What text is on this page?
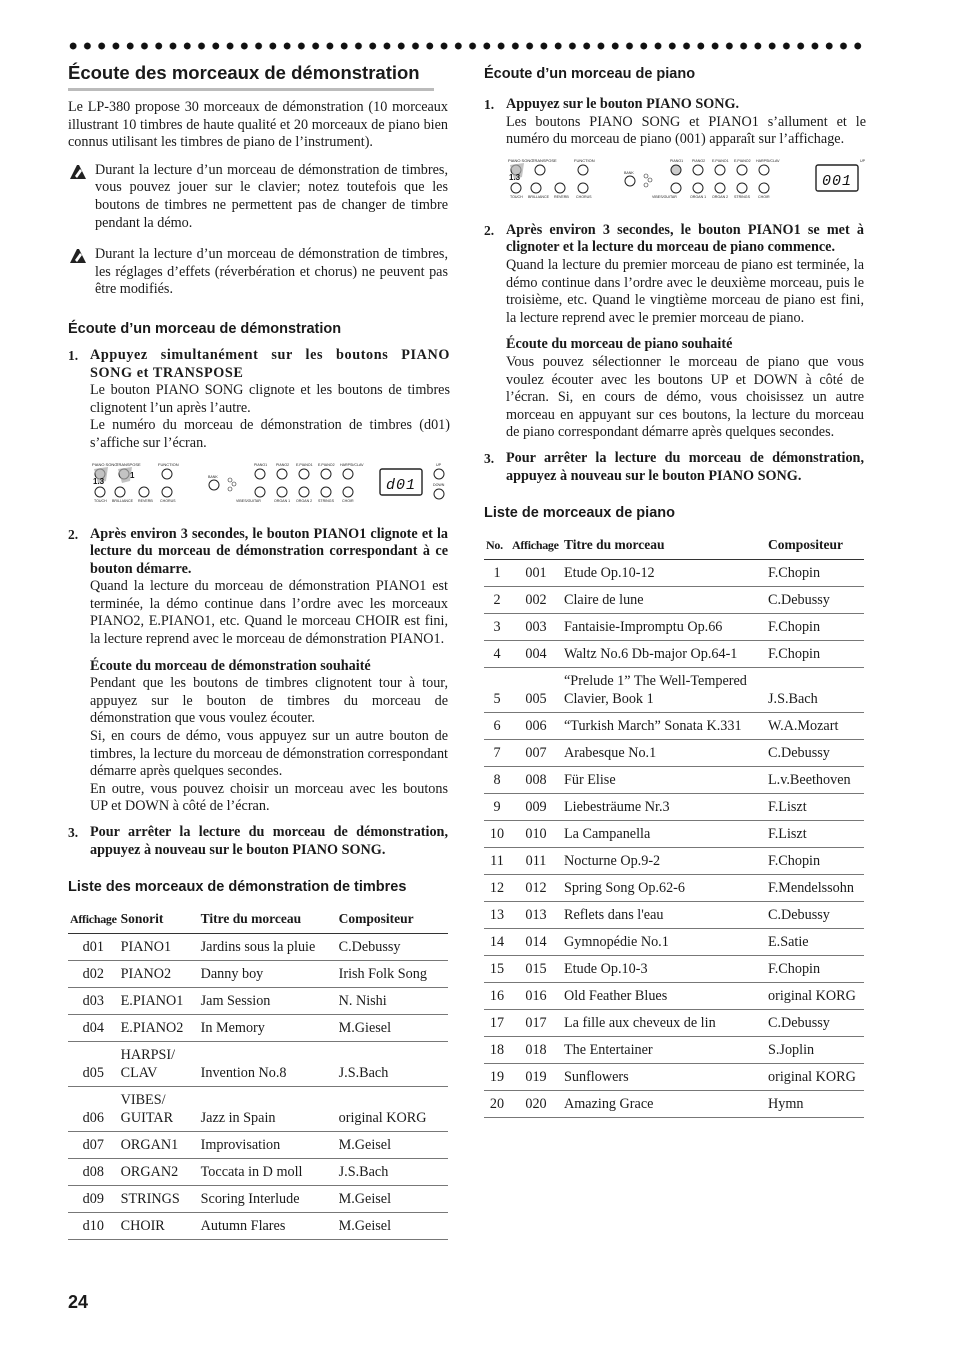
Écoute des morceaux de démonstration

Le LP-380 propose 30 morceaux de démonstration (10 morceaux illustrant 10 timbres de haute qualité et 20 morceaux de piano bien connus utilisant les timbres de piano de l’instrument).

Durant la lecture d’un morceau de démonstration de timbres, vous pouvez jouer sur le clavier; notez toutefois que les boutons de timbres ne permettent pas de changer de timbre pendant la démo.

Durant la lecture d’un morceau de démonstration de timbres, les réglages d’effets (réverbération et chorus) ne peuvent pas être modifiés.

Écoute d’un morceau de démonstration
1. Appuyez simultanément sur les boutons PIANO SONG et TRANSPOSE

Le bouton PIANO SONG clignote et les boutons de timbres clignotent l’un après l’autre.

Le numéro du morceau de démonstration de timbres (d01) s’affiche sur l’écran.

PIANO SONG
TRANSPOSE	FUNCTION
1.3
1
TOUCH BRILLIANCE REVERB CHORUS
BANK
PIANO1 PIANO2 E.PIANO1 E.PIANO2 HARPSI/CLAV
VIBES/GUITAR	ORGAN 1 ORGAN 2 STRINGS CHOIR
d01
UP
DOWN
2. Après environ 3 secondes, le bouton PIANO1 clignote et la lecture du morceau de démonstration correspondant à ce bouton démarre.

Quand la lecture du morceau de démonstration PIANO1 est terminée, la démo continue dans l’ordre avec les morceaux PIANO2, E.PIANO1, etc. Quand le morceau CHOIR est fini, la lecture reprend avec le morceau de démonstration PIANO1.

Écoute du morceau de démonstration souhaité

Pendant que les boutons de timbres clignotent tour à tour, appuyez sur le bouton de timbres du morceau de démonstration que vous voulez écouter.

Si, en cours de démo, vous appuyez sur un autre bouton de timbres, la lecture du morceau de démonstration correspondant démarre après quelques secondes.

En outre, vous pouvez choisir un morceau avec les boutons UP et DOWN à côté de l’écran.

3. Pour arrêter la lecture du morceau de démonstration, appuyez à nouveau sur le bouton PIANO SONG.

Liste des morceaux de démonstration de timbres
Affichage	Sonorit	Titre du morceau	Compositeur
d01	PIANO1	Jardins sous la pluie	C.Debussy
d02	PIANO2	Danny boy	Irish Folk Song
d03	E.PIANO1	Jam Session	N. Nishi
d04	E.PIANO2	In Memory	M.Giesel
d05	HARPSI/ CLAV	Invention No.8	J.S.Bach
d06	VIBES/ GUITAR	Jazz in Spain	original KORG
d07	ORGAN1	Improvisation	M.Geisel
d08	ORGAN2	Toccata in D moll	J.S.Bach
d09	STRINGS	Scoring Interlude	M.Geisel
d10	CHOIR	Autumn Flares	M.Geisel
Écoute d’un morceau de piano
1. Appuyez sur le bouton PIANO SONG.

Les boutons PIANO SONG et PIANO1 s’allument et le numéro du morceau de piano (001) apparaît sur l’affichage.

PIANO SONG
TRANSPOSE	FUNCTION
1.3
TOUCH BRILLIANCE REVERB CHORUS
BANK
PIANO1 PIANO2 E.PIANO1 E.PIANO2 HARPSI/CLAV
VIBES/GUITAR	ORGAN 1 ORGAN 2 STRINGS CHOIR
001
UP
2. Après environ 3 secondes, le bouton PIANO1 se met à clignoter et la lecture du morceau de piano commence.

Quand la lecture du premier morceau de piano est terminée, la démo continue dans l’ordre avec le deuxième morceau, puis le troisième, etc. Quand le vingtième morceau de piano est fini, la lecture reprend avec le premier morceau de piano.

Écoute du morceau de piano souhaité

Vous pouvez sélectionner le morceau de piano que vous voulez écouter avec les boutons UP et DOWN à côté de l’écran. Si, en cours de démo, vous choisissez un autre morceau en appuyant sur ces boutons, la lecture du morceau de piano correspondant démarre après quelques secondes.

3. Pour arrêter la lecture du morceau de démonstration, appuyez à nouveau sur le bouton PIANO SONG.

Liste de morceaux de piano
No.	Affichage	Titre du morceau	Compositeur
1	001	Etude Op.10-12	F.Chopin
2	002	Claire de lune	C.Debussy
3	003	Fantaisie-Impromptu Op.66	F.Chopin
4	004	Waltz No.6 Db-major Op.64-1	F.Chopin
5	005	“Prelude 1” The Well-Tempered Clavier, Book 1	J.S.Bach
6	006	“Turkish March” Sonata K.331	W.A.Mozart
7	007	Arabesque No.1	C.Debussy
8	008	Für Elise	L.v.Beethoven
9	009	Liebesträume Nr.3	F.Liszt
10	010	La Campanella	F.Liszt
11	011	Nocturne Op.9-2	F.Chopin
12	012	Spring Song Op.62-6	F.Mendelssohn
13	013	Reflets dans l'eau	C.Debussy
14	014	Gymnopédie No.1	E.Satie
15	015	Etude Op.10-3	F.Chopin
16	016	Old Feather Blues	original KORG
17	017	La fille aux cheveux de lin	C.Debussy
18	018	The Entertainer	S.Joplin
19	019	Sunflowers	original KORG
20	020	Amazing Grace	Hymn
24
